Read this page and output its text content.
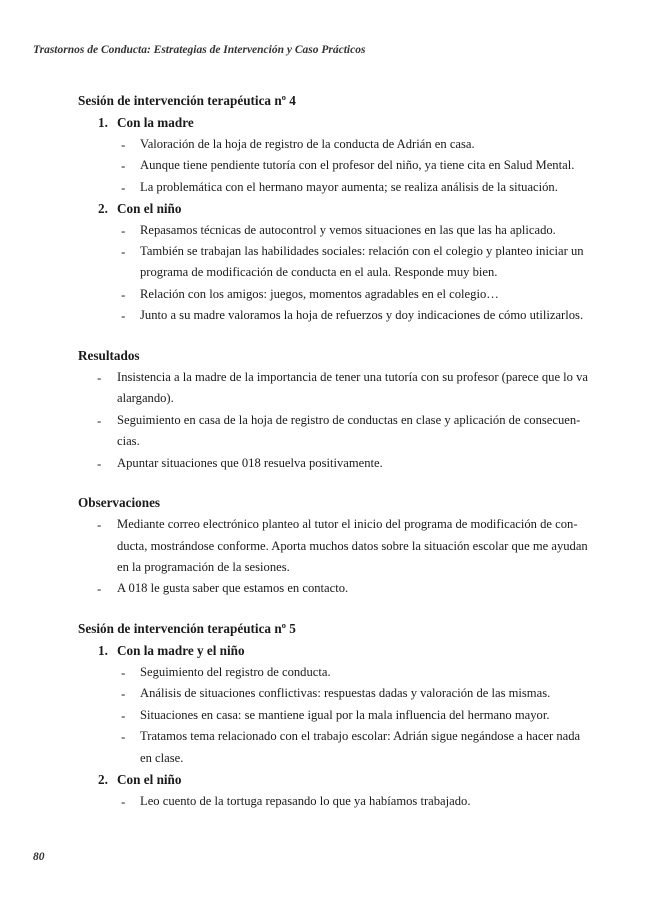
Trastornos de Conducta: Estrategias de Intervención y Caso Prácticos
Sesión de intervención terapéutica nº 4
1. Con la madre
- Valoración de la hoja de registro de la conducta de Adrián en casa.
- Aunque tiene pendiente tutoría con el profesor del niño, ya tiene cita en Salud Mental.
- La problemática con el hermano mayor aumenta; se realiza análisis de la situación.
2. Con el niño
- Repasamos técnicas de autocontrol y vemos situaciones en las que las ha aplicado.
- También se trabajan las habilidades sociales: relación con el colegio y planteo iniciar un
programa de modificación de conducta en el aula. Responde muy bien.
- Relación con los amigos: juegos, momentos agradables en el colegio…
- Junto a su madre valoramos la hoja de refuerzos y doy indicaciones de cómo utilizarlos.
Resultados
- Insistencia a la madre de la importancia de tener una tutoría con su profesor (parece que lo va
alargando).
- Seguimiento en casa de la hoja de registro de conductas en clase y aplicación de consecuen-
cias.
- Apuntar situaciones que 018 resuelva positivamente.
Observaciones
- Mediante correo electrónico planteo al tutor el inicio del programa de modificación de con-
ducta, mostrándose conforme. Aporta muchos datos sobre la situación escolar que me ayudan
en la programación de la sesiones.
- A 018 le gusta saber que estamos en contacto.
Sesión de intervención terapéutica nº 5
1. Con la madre y el niño
- Seguimiento del registro de conducta.
- Análisis de situaciones conflictivas: respuestas dadas y valoración de las mismas.
- Situaciones en casa: se mantiene igual por la mala influencia del hermano mayor.
- Tratamos tema relacionado con el trabajo escolar: Adrián sigue negándose a hacer nada
en clase.
2. Con el niño
- Leo cuento de la tortuga repasando lo que ya habíamos trabajado.
80
